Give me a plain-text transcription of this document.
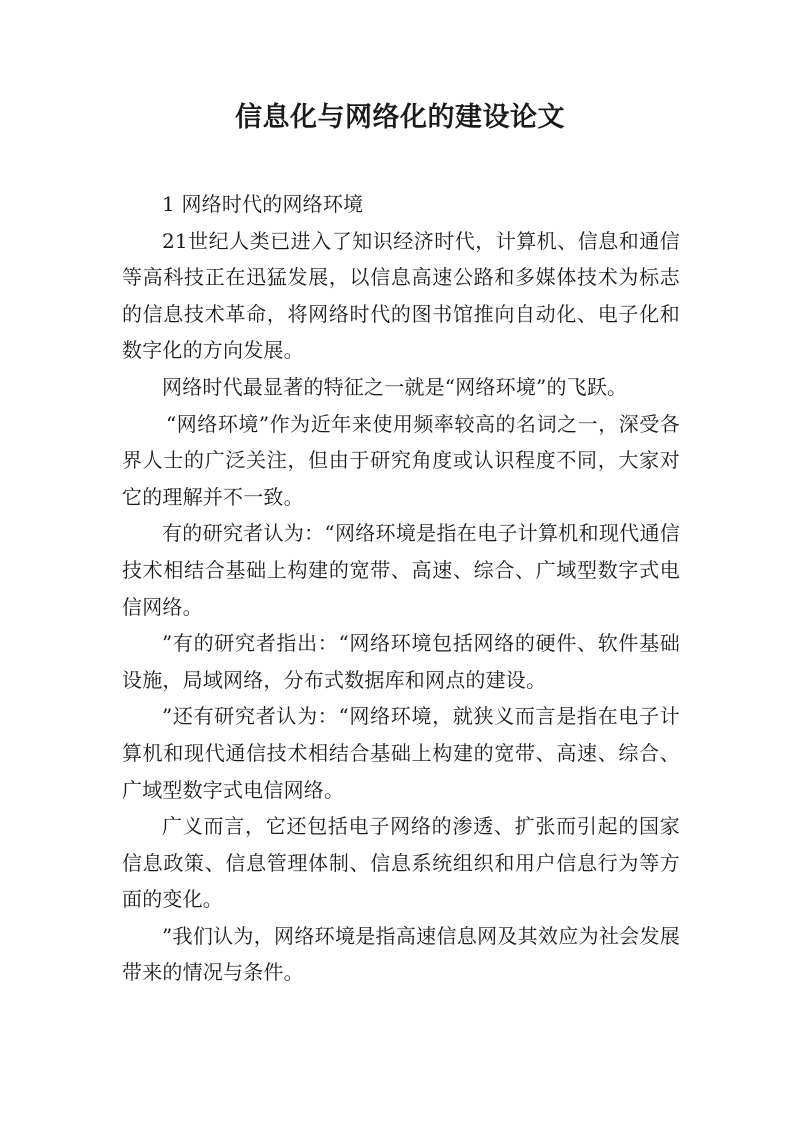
信息化与网络化的建设论文

1 网络时代的网络环境

21世纪人类已进入了知识经济时代，计算机、信息和通信等高科技正在迅猛发展，以信息高速公路和多媒体技术为标志的信息技术革命，将网络时代的图书馆推向自动化、电子化和数字化的方向发展。

网络时代最显著的特征之一就是“网络环境”的飞跃。

“网络环境”作为近年来使用频率较高的名词之一，深受各界人士的广泛关注，但由于研究角度或认识程度不同，大家对它的理解并不一致。

有的研究者认为：“网络环境是指在电子计算机和现代通信技术相结合基础上构建的宽带、高速、综合、广域型数字式电信网络。

”有的研究者指出：“网络环境包括网络的硬件、软件基础设施，局域网络，分布式数据库和网点的建设。

”还有研究者认为：“网络环境，就狭义而言是指在电子计算机和现代通信技术相结合基础上构建的宽带、高速、综合、广域型数字式电信网络。

广义而言，它还包括电子网络的渗透、扩张而引起的国家信息政策、信息管理体制、信息系统组织和用户信息行为等方面的变化。

”我们认为，网络环境是指高速信息网及其效应为社会发展带来的情况与条件。
